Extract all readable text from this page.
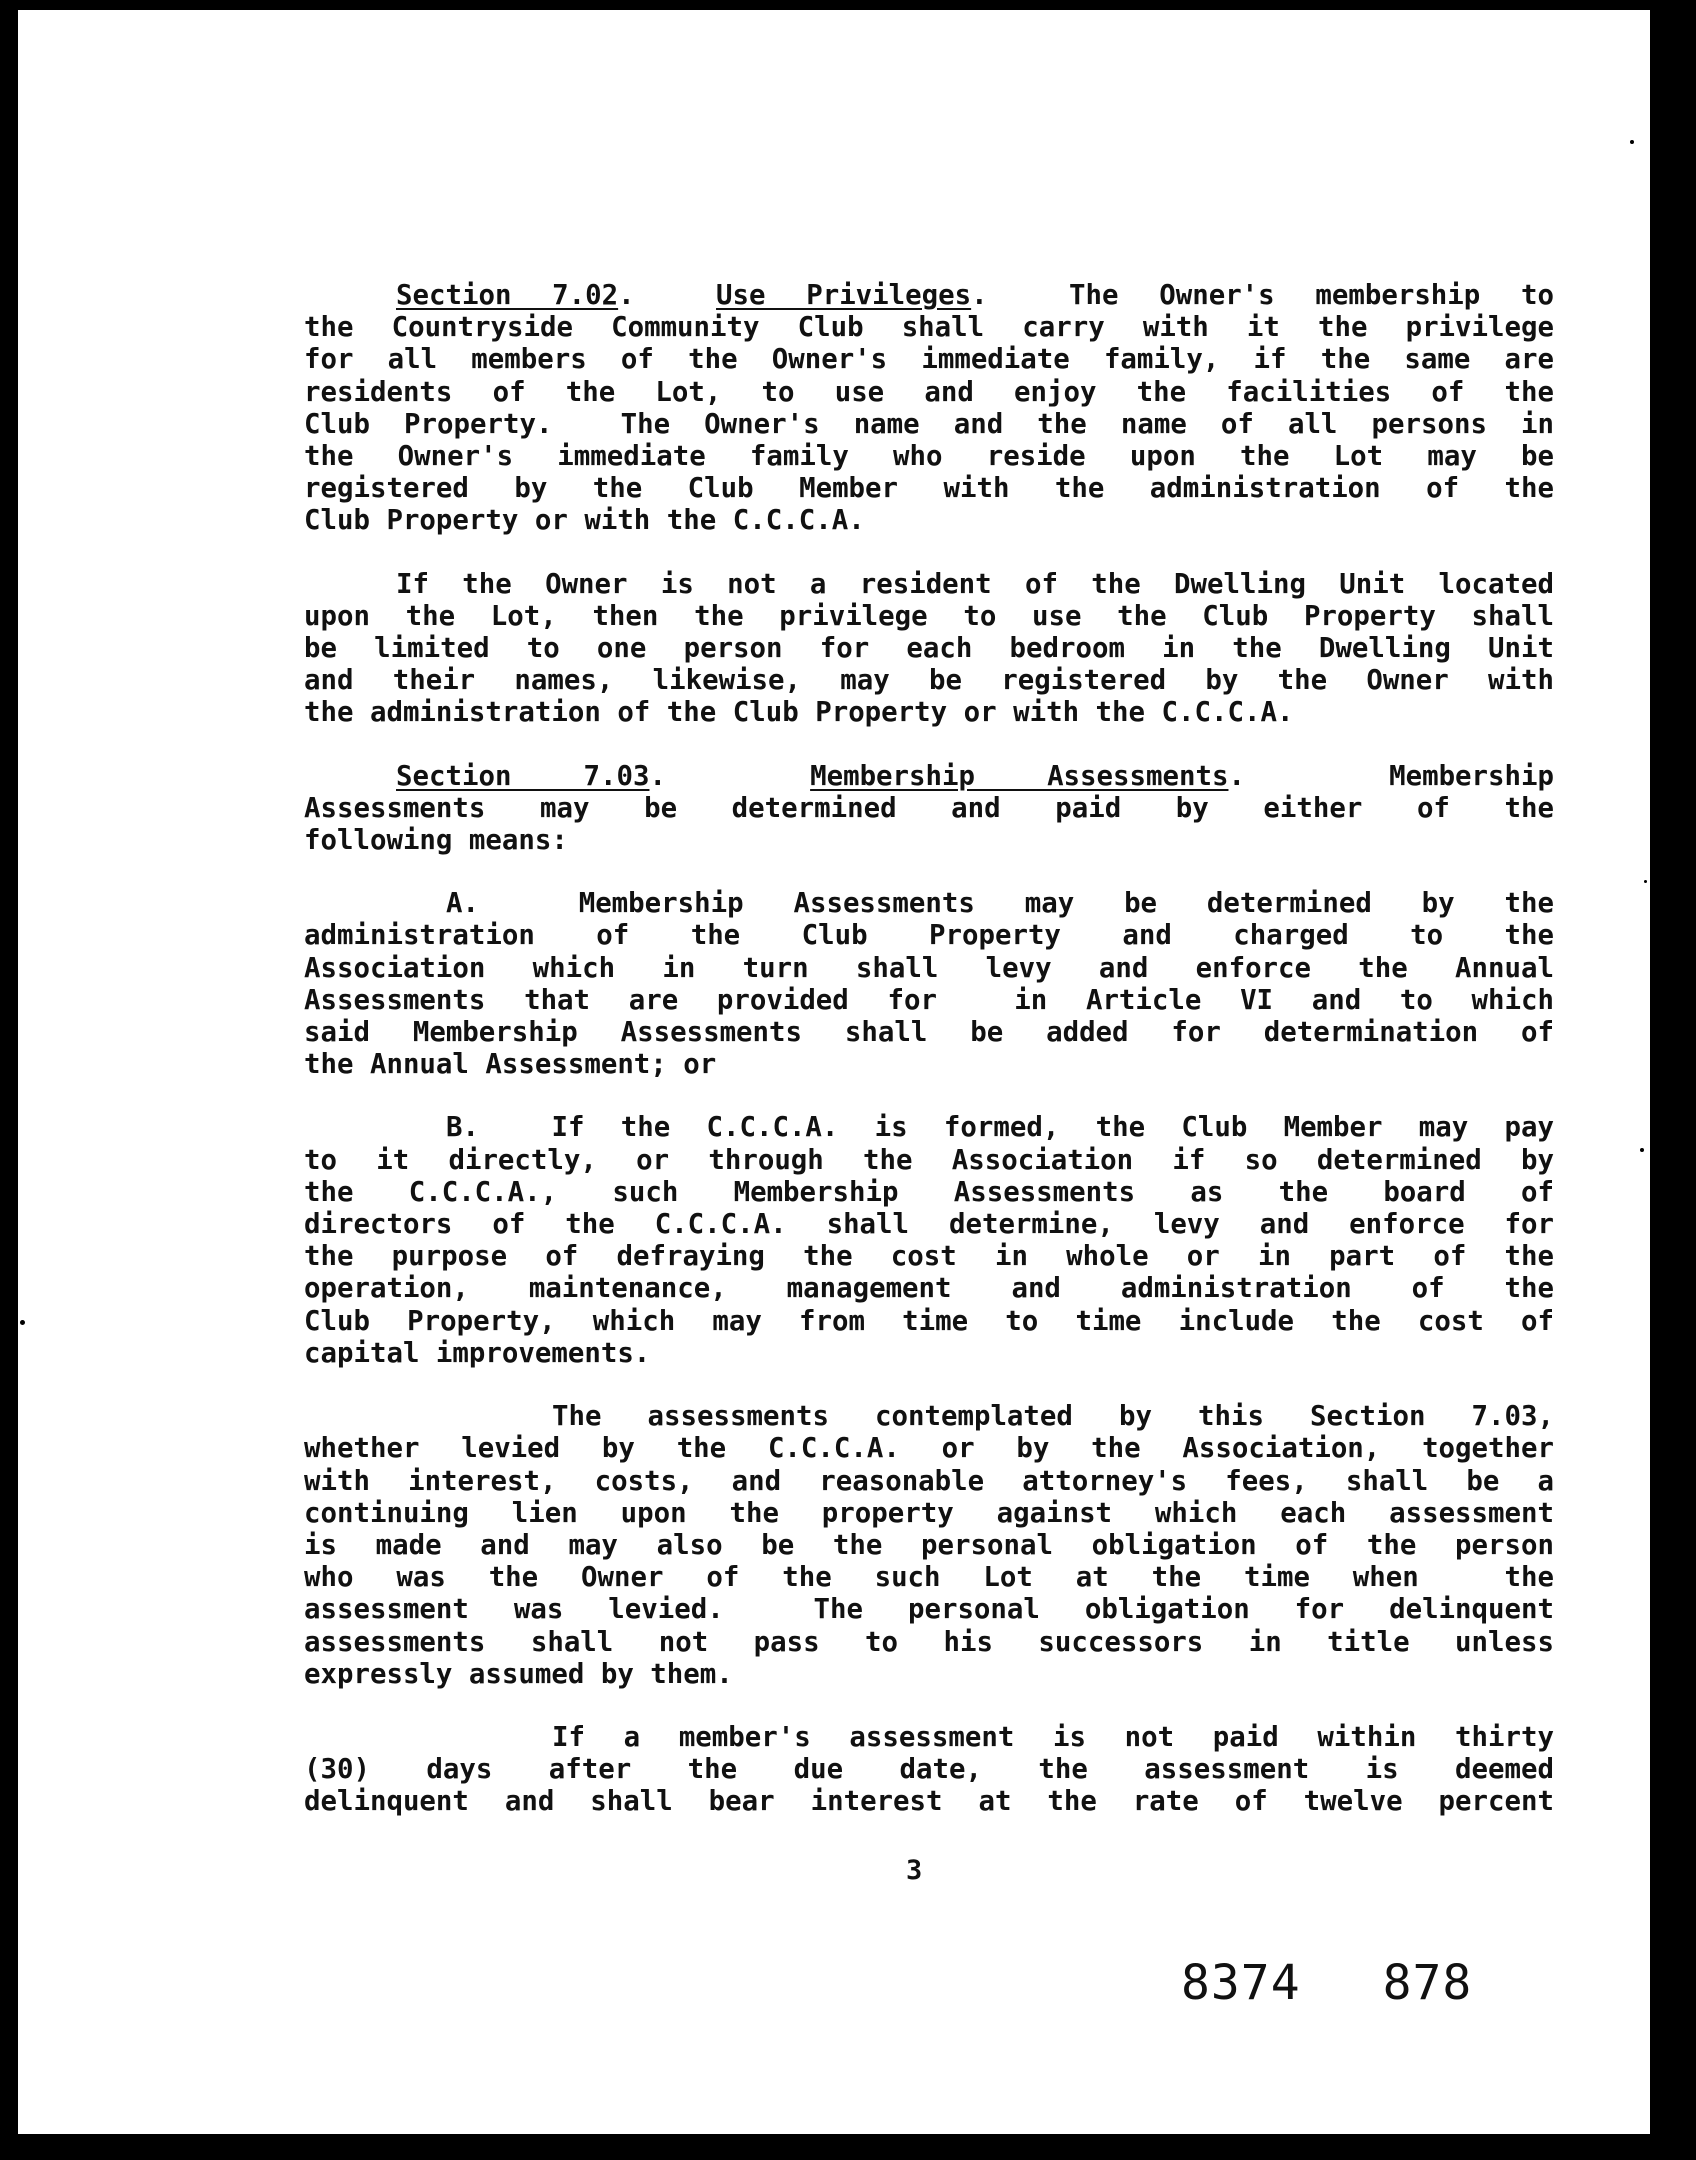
Section 7.02.  Use Privileges.  The Owner's membership to
the Countryside Community Club shall carry with it the privilege
for all members of the Owner's immediate family, if the same are
residents of the Lot, to use and enjoy the facilities of the
Club Property.  The Owner's name and the name of all persons in
the Owner's immediate family who reside upon the Lot may be
registered by the Club Member with the administration of the
Club Property or with the C.C.C.A.
If the Owner is not a resident of the Dwelling Unit located
upon the Lot, then the privilege to use the Club Property shall
be limited to one person for each bedroom in the Dwelling Unit
and their names, likewise, may be registered by the Owner with
the administration of the Club Property or with the C.C.C.A.
Section 7.03.  Membership Assessments.  Membership
Assessments may be determined and paid by either of the
following means:
A.  Membership Assessments may be determined by the
administration of the Club Property and charged to the
Association which in turn shall levy and enforce the Annual
Assessments that are provided for  in Article VI and to which
said Membership Assessments shall be added for determination of
the Annual Assessment; or
B.  If the C.C.C.A. is formed, the Club Member may pay
to it directly, or through the Association if so determined by
the C.C.C.A., such Membership Assessments as the board of
directors of the C.C.C.A. shall determine, levy and enforce for
the purpose of defraying the cost in whole or in part of the
operation, maintenance, management and administration of the
Club Property, which may from time to time include the cost of
capital improvements.
The assessments contemplated by this Section 7.03,
whether levied by the C.C.C.A. or by the Association, together
with interest, costs, and reasonable attorney's fees, shall be a
continuing lien upon the property against which each assessment
is made and may also be the personal obligation of the person
who was the Owner of the such Lot at the time when  the
assessment was levied.  The personal obligation for delinquent
assessments shall not pass to his successors in title unless
expressly assumed by them.
If a member's assessment is not paid within thirty
(30) days after the due date, the assessment is deemed
delinquent and shall bear interest at the rate of twelve percent
3
8374 878
